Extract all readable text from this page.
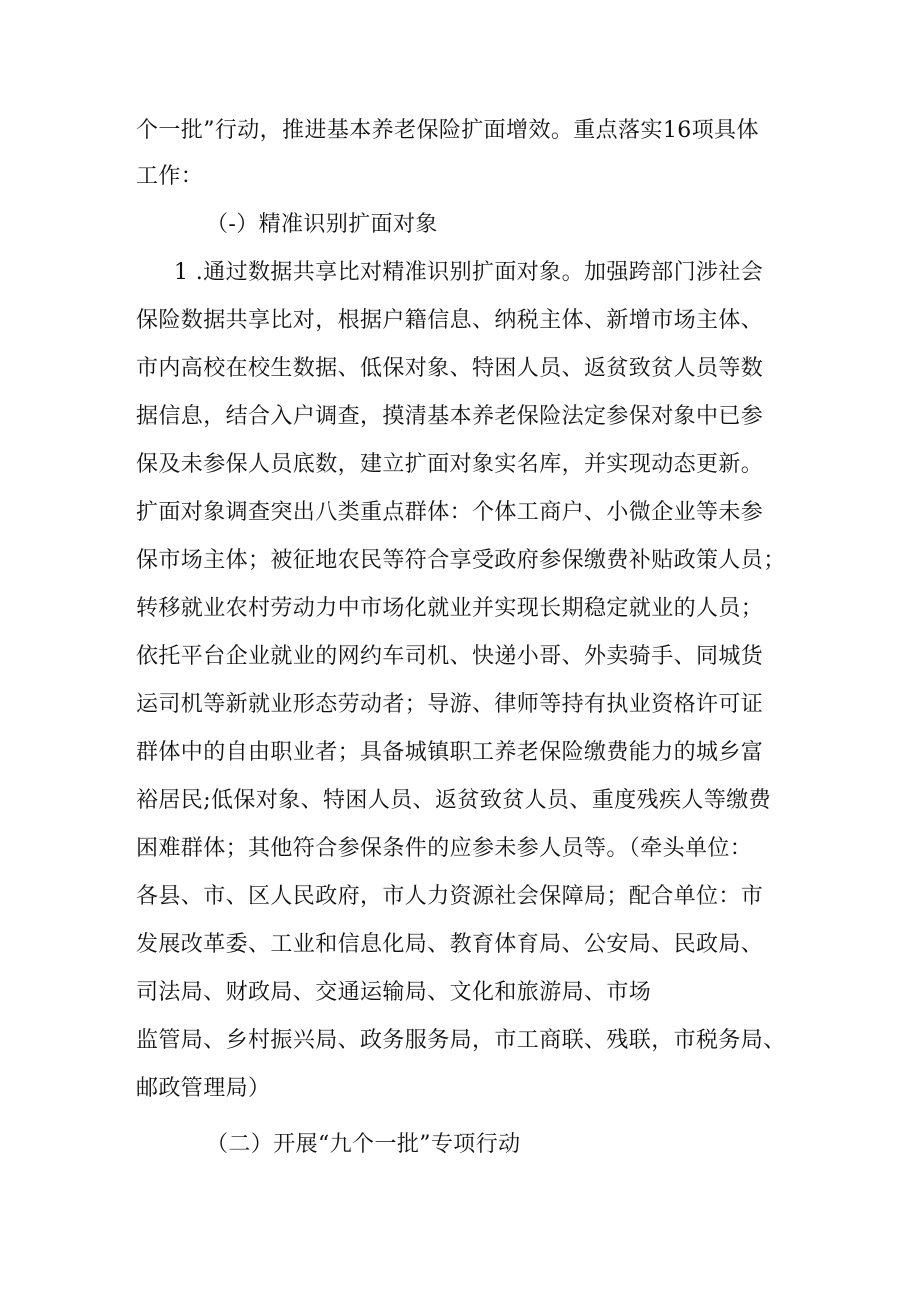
个一批”行动，推进基本养老保险扩面增效。重点落实16项具体
工作：
（-）精准识别扩面对象
1 .通过数据共享比对精准识别扩面对象。加强跨部门涉社会
保险数据共享比对，根据户籍信息、纳税主体、新增市场主体、
市内高校在校生数据、低保对象、特困人员、返贫致贫人员等数
据信息，结合入户调查，摸清基本养老保险法定参保对象中已参
保及未参保人员底数，建立扩面对象实名库，并实现动态更新。
扩面对象调查突出八类重点群体：个体工商户、小微企业等未参
保市场主体；被征地农民等符合享受政府参保缴费补贴政策人员；
转移就业农村劳动力中市场化就业并实现长期稳定就业的人员；
依托平台企业就业的网约车司机、快递小哥、外卖骑手、同城货
运司机等新就业形态劳动者；导游、律师等持有执业资格许可证
群体中的自由职业者；具备城镇职工养老保险缴费能力的城乡富
裕居民;低保对象、特困人员、返贫致贫人员、重度残疾人等缴费
困难群体；其他符合参保条件的应参未参人员等。（牵头单位：
各县、市、区人民政府，市人力资源社会保障局；配合单位：市
发展改革委、工业和信息化局、教育体育局、公安局、民政局、
司法局、财政局、交通运输局、文化和旅游局、市场
监管局、乡村振兴局、政务服务局，市工商联、残联，市税务局、
邮政管理局）
（二）开展“九个一批”专项行动
